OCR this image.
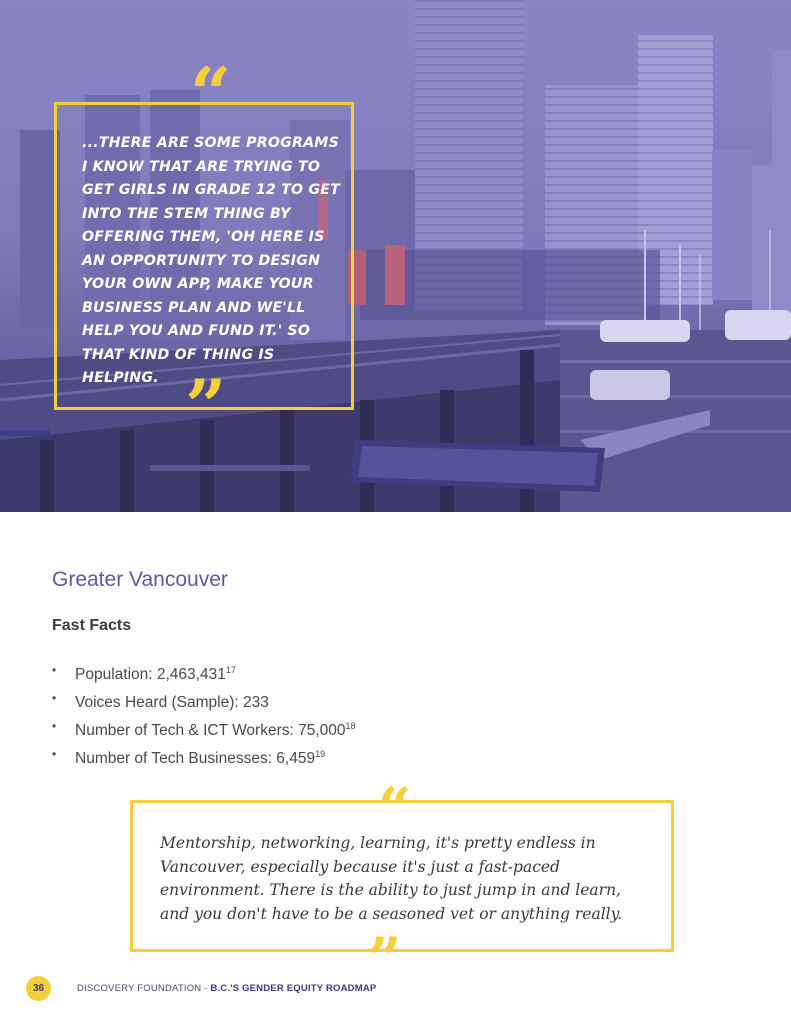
“

...THERE ARE SOME PROGRAMS I KNOW THAT ARE TRYING TO GET GIRLS IN GRADE 12 TO GET INTO THE STEM THING BY OFFERING THEM, 'OH HERE IS AN OPPORTUNITY TO DESIGN YOUR OWN APP, MAKE YOUR BUSINESS PLAN AND WE'LL HELP YOU AND FUND IT.' SO THAT KIND OF THING IS HELPING. ”
Greater Vancouver
Fast Facts
•	Population: 2,463,431$^{17}$
•	Voices Heard (Sample): 233
•	Number of Tech & ICT Workers: 75,000$^{18}$
•	Number of Tech Businesses: 6,459$^{19}$
“

Mentorship, networking, learning, it's pretty endless in Vancouver, especially because it's just a fast-paced environment. There is the ability to just jump in and learn, and you don't have to be a seasoned vet or anything really.

”
36	DISCOVERY FOUNDATION - B.C.'S GENDER EQUITY ROADMAP
